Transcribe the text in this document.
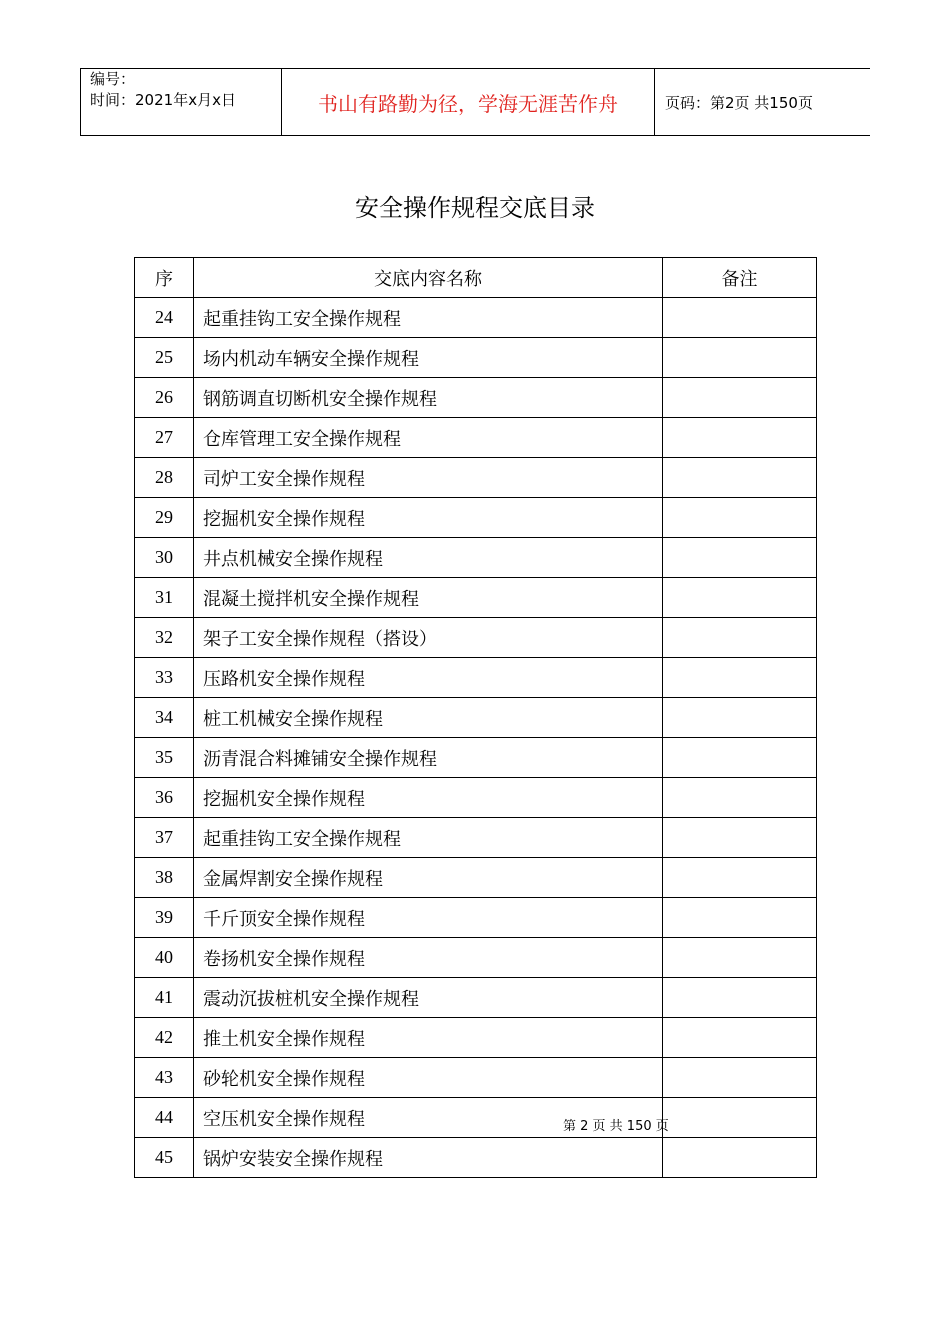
编号：
时间：2021年x月x日	书山有路勤为径，学海无涯苦作舟	页码：第2页 共150页
安全操作规程交底目录
序	交底内容名称	备注
24	起重挂钩工安全操作规程	
25	场内机动车辆安全操作规程	
26	钢筋调直切断机安全操作规程	
27	仓库管理工安全操作规程	
28	司炉工安全操作规程	
29	挖掘机安全操作规程	
30	井点机械安全操作规程	
31	混凝土搅拌机安全操作规程	
32	架子工安全操作规程（搭设）	
33	压路机安全操作规程	
34	桩工机械安全操作规程	
35	沥青混合料摊铺安全操作规程	
36	挖掘机安全操作规程	
37	起重挂钩工安全操作规程	
38	金属焊割安全操作规程	
39	千斤顶安全操作规程	
40	卷扬机安全操作规程	
41	震动沉拔桩机安全操作规程	
42	推土机安全操作规程	
43	砂轮机安全操作规程	
44	空压机安全操作规程	
45	锅炉安装安全操作规程	
第 2 页 共 150 页
